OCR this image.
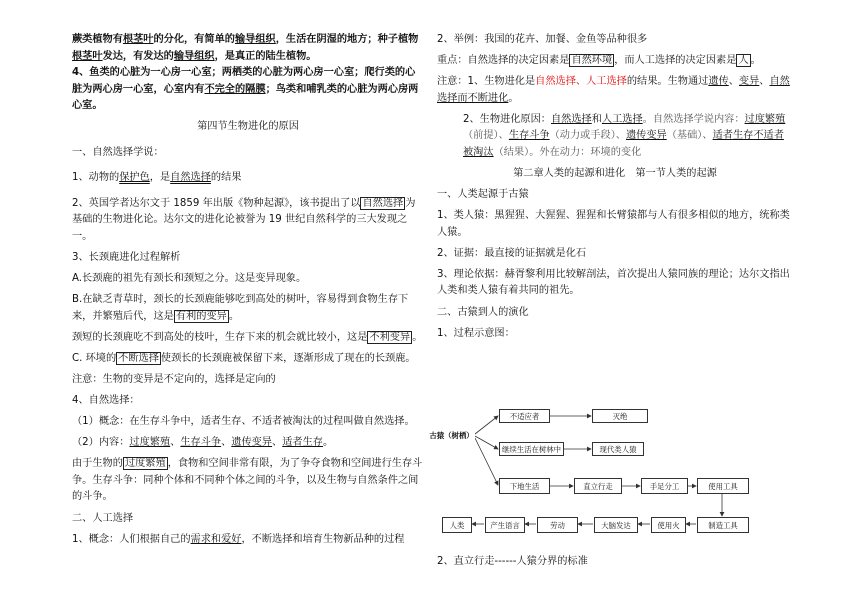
蕨类植物有根茎叶的分化，有简单的输导组织，生活在阴湿的地方；种子植物根茎叶发达，有发达的输导组织，是真正的陆生植物。
4、鱼类的心脏为一心房一心室；两栖类的心脏为两心房一心室；爬行类的心脏为两心房一心室，心室内有不完全的隔膜；鸟类和哺乳类的心脏为两心房两心室。
第四节生物进化的原因
一、自然选择学说：
1、动物的保护色，是自然选择的结果
2、英国学者达尔文于 1859 年出版《物种起源》，该书提出了以 自然选择 为基础的生物进化论。达尔文的进化论被誉为 19 世纪自然科学的三大发现之一。
3、长颈鹿进化过程解析
A.长颈鹿的祖先有颈长和颈短之分。这是变异现象。
B.在缺乏青草时，颈长的长颈鹿能够吃到高处的树叶，容易得到食物生存下来，并繁殖后代，这是 有利的变异 。
颈短的长颈鹿吃不到高处的枝叶，生存下来的机会就比较小，这是 不利变异 。
C. 环境的 不断选择 使颈长的长颈鹿被保留下来，逐渐形成了现在的长颈鹿。
注意：生物的变异是不定向的，选择是定向的
4、自然选择：
（1）概念：在生存斗争中，适者生存、不适者被淘汰的过程叫做自然选择。
（2）内容：过度繁殖、生存斗争、遗传变异、适者生存。
由于生物的 过度繁殖 ，食物和空间非常有限，为了争夺食物和空间进行生存斗争。生存斗争：同种个体和不同种个体之间的斗争，以及生物与自然条件之间的斗争。
二、人工选择
1、概念：人们根据自己的需求和爱好，不断选择和培育生物新品种的过程
2、举例：我国的花卉、加餐、金鱼等品种很多
重点：自然选择的决定因素是 自然环境 ，而人工选择的决定因素是 人 。
注意：1、生物进化是自然选择、人工选择的结果。生物通过遗传、变异、自然选择而不断进化。
2、生物进化原因：自然选择和人工选择。自然选择学说内容：过度繁殖（前提）、生存斗争（动力或手段）、遗传变异（基础）、适者生存不适者被淘汰（结果）。外在动力：环境的变化
第二章人类的起源和进化　第一节人类的起源
一、人类起源于古猿
1、类人猿：黑猩猩、大猩猩、猩猩和长臂猿都与人有很多相似的地方，统称类人猿。
2、证据：最直接的证据就是化石
3、理论依据：赫胥黎利用比较解剖法，首次提出人猿同族的理论；达尔文指出人类和类人猿有着共同的祖先。
二、古猿到人的演化
1、过程示意图：
2、直立行走------人猿分界的标准
古猿（树栖）
不适应者	灭绝
继续生活在树林中	现代类人猿
下地生活	直立行走	手足分工	使用工具
制造工具
使用火
大脑发达
劳动
产生语言
人类
